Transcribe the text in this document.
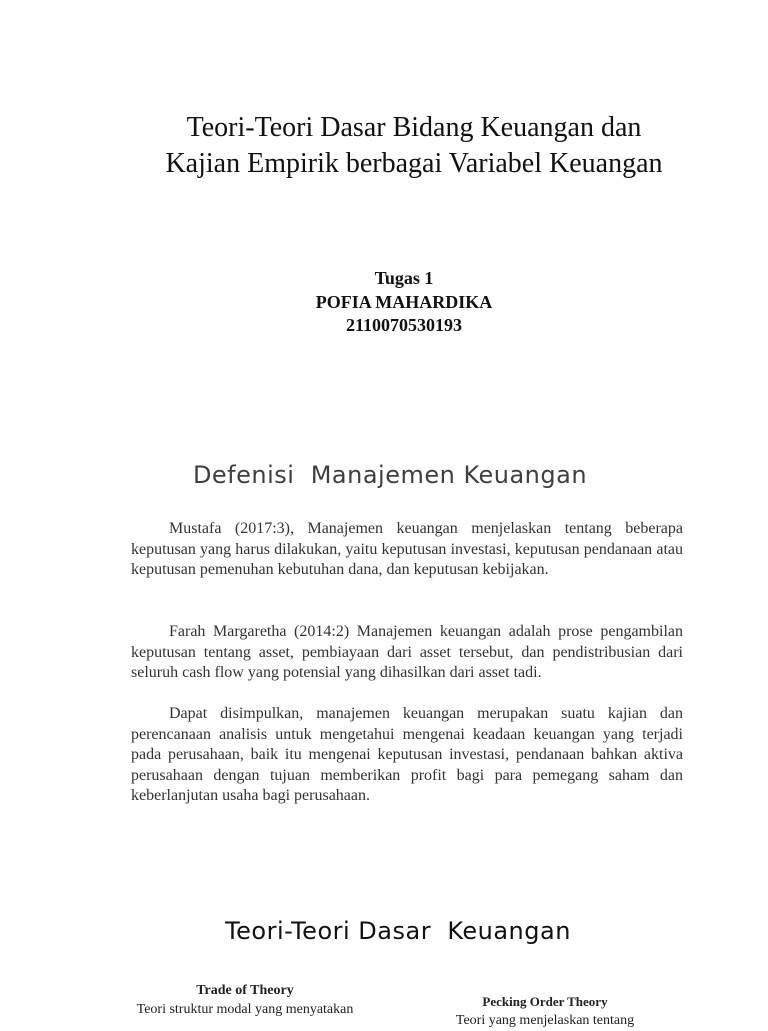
Teori-Teori Dasar Bidang Keuangan dan Kajian Empirik berbagai Variabel Keuangan
Tugas 1
POFIA MAHARDIKA
2110070530193
Defenisi  Manajemen Keuangan

Mustafa (2017:3), Manajemen keuangan menjelaskan tentang beberapa keputusan yang harus dilakukan, yaitu keputusan investasi, keputusan pendanaan atau keputusan pemenuhan kebutuhan dana, dan keputusan kebijakan.

Farah Margaretha (2014:2) Manajemen keuangan adalah prose pengambilan keputusan tentang asset, pembiayaan dari asset tersebut, dan pendistribusian dari seluruh cash flow yang potensial yang dihasilkan dari asset tadi.

Dapat disimpulkan, manajemen keuangan merupakan suatu kajian dan perencanaan analisis untuk mengetahui mengenai keadaan keuangan yang terjadi pada perusahaan, baik itu mengenai keputusan investasi, pendanaan bahkan aktiva perusahaan dengan tujuan memberikan profit bagi para pemegang saham dan keberlanjutan usaha bagi perusahaan.

Teori-Teori Dasar  Keuangan
Trade of Theory
Teori struktur modal yang menyatakan
Pecking Order Theory
Teori yang menjelaskan tentang
